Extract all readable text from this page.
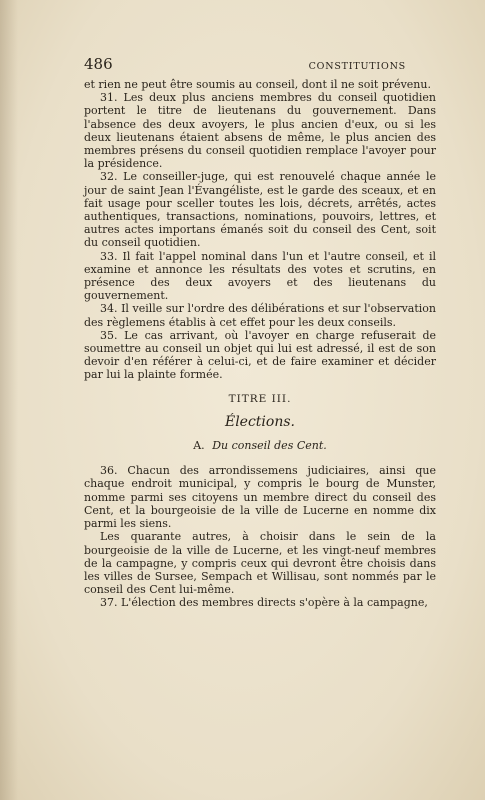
486	CONSTITUTIONS

et rien ne peut être soumis au conseil, dont il ne soit prévenu.

31. Les deux plus anciens membres du conseil quotidien portent le titre de lieutenans du gouvernement. Dans l'absence des deux avoyers, le plus ancien d'eux, ou si les deux lieutenans étaient absens de même, le plus ancien des membres présens du conseil quotidien remplace l'avoyer pour la présidence.

32. Le conseiller-juge, qui est renouvelé chaque année le jour de saint Jean l'Évangéliste, est le garde des sceaux, et en fait usage pour sceller toutes les lois, décrets, arrêtés, actes authentiques, transactions, nominations, pouvoirs, lettres, et autres actes importans émanés soit du conseil des Cent, soit du conseil quotidien.

33. Il fait l'appel nominal dans l'un et l'autre conseil, et il examine et annonce les résultats des votes et scrutins, en présence des deux avoyers et des lieutenans du gouvernement.

34. Il veille sur l'ordre des délibérations et sur l'observation des règlemens établis à cet effet pour les deux conseils.

35. Le cas arrivant, où l'avoyer en charge refuserait de soumettre au conseil un objet qui lui est adressé, il est de son devoir d'en référer à celui-ci, et de faire examiner et décider par lui la plainte formée.

TITRE III.
Élections.
A. Du conseil des Cent.

36. Chacun des arrondissemens judiciaires, ainsi que chaque endroit municipal, y compris le bourg de Munster, nomme parmi ses citoyens un membre direct du conseil des Cent, et la bourgeoisie de la ville de Lucerne en nomme dix parmi les siens.

Les quarante autres, à choisir dans le sein de la bourgeoisie de la ville de Lucerne, et les vingt-neuf membres de la campagne, y compris ceux qui devront être choisis dans les villes de Sursee, Sempach et Willisau, sont nommés par le conseil des Cent lui-même.

37. L'élection des membres directs s'opère à la campagne,
